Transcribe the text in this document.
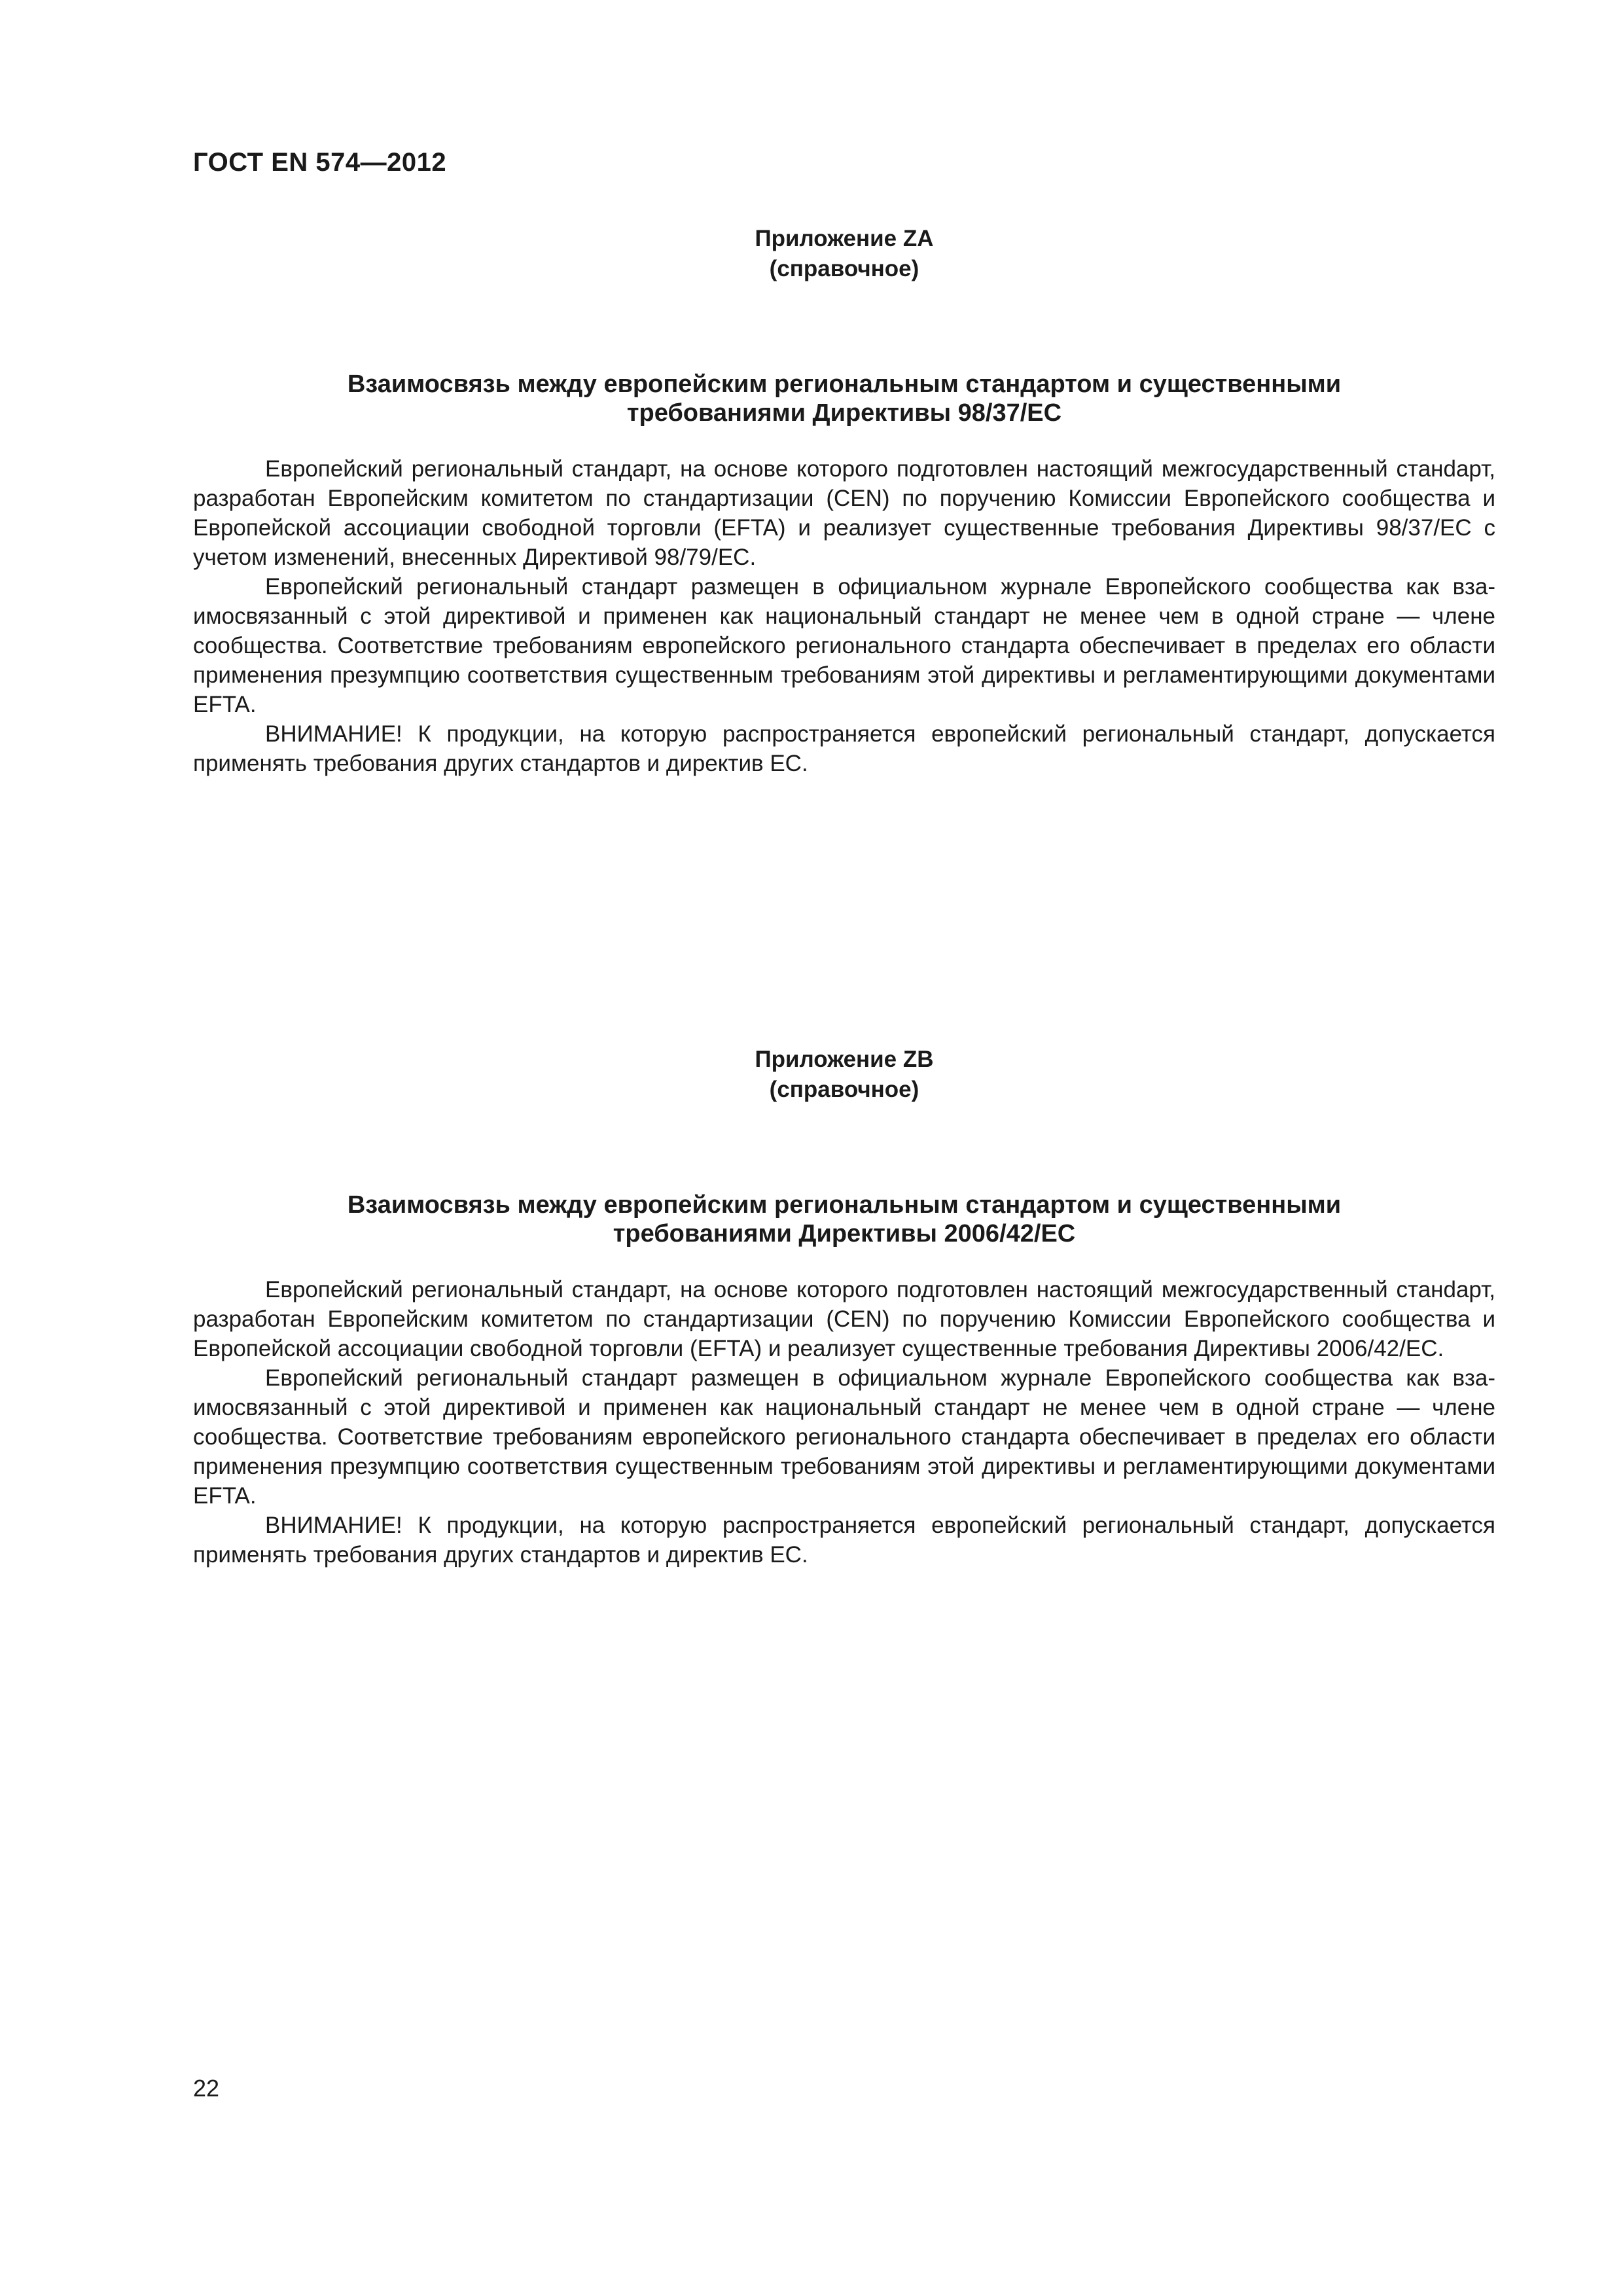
ГОСТ EN 574—2012
Приложение ZA
(справочное)
Взаимосвязь между европейским региональным стандартом и существенными
требованиями Директивы 98/37/ЕС

Европейский региональный стандарт, на основе которого подготовлен настоящий межгосударственный станdарт, разработан Европейским комитетом по стандартизации (CEN) по поручению Комиссии Европейского сообщества и Европейской ассоциации свободной торговли (EFTA) и реализует существенные требования Директивы 98/37/ЕС с учетом изменений, внесенных Директивой 98/79/ЕС.

Европейский региональный стандарт размещен в официальном журнале Европейского сообщества как взаимосвязанный с этой директивой и применен как национальный стандарт не менее чем в одной стране — члене сообщества. Соответствие требованиям европейского регионального стандарта обеспечивает в пределах его области применения презумпцию соответствия существенным требованиям этой директивы и регламентирующими документами EFTA.

ВНИМАНИЕ! К продукции, на которую распространяется европейский региональный стандарт, допускается применять требования других стандартов и директив ЕС.

Приложение ZB
(справочное)
Взаимосвязь между европейским региональным стандартом и существенными
требованиями Директивы 2006/42/ЕС

Европейский региональный стандарт, на основе которого подготовлен настоящий межгосударственный станdарт, разработан Европейским комитетом по стандартизации (CEN) по поручению Комиссии Европейского сообщества и Европейской ассоциации свободной торговли (EFTA) и реализует существенные требования Директивы 2006/42/ЕС.

Европейский региональный стандарт размещен в официальном журнале Европейского сообщества как взаимосвязанный с этой директивой и применен как национальный стандарт не менее чем в одной стране — члене сообщества. Соответствие требованиям европейского регионального стандарта обеспечивает в пределах его области применения презумпцию соответствия существенным требованиям этой директивы и регламентирующими документами EFTA.

ВНИМАНИЕ! К продукции, на которую распространяется европейский региональный стандарт, допускается применять требования других стандартов и директив ЕС.

22
